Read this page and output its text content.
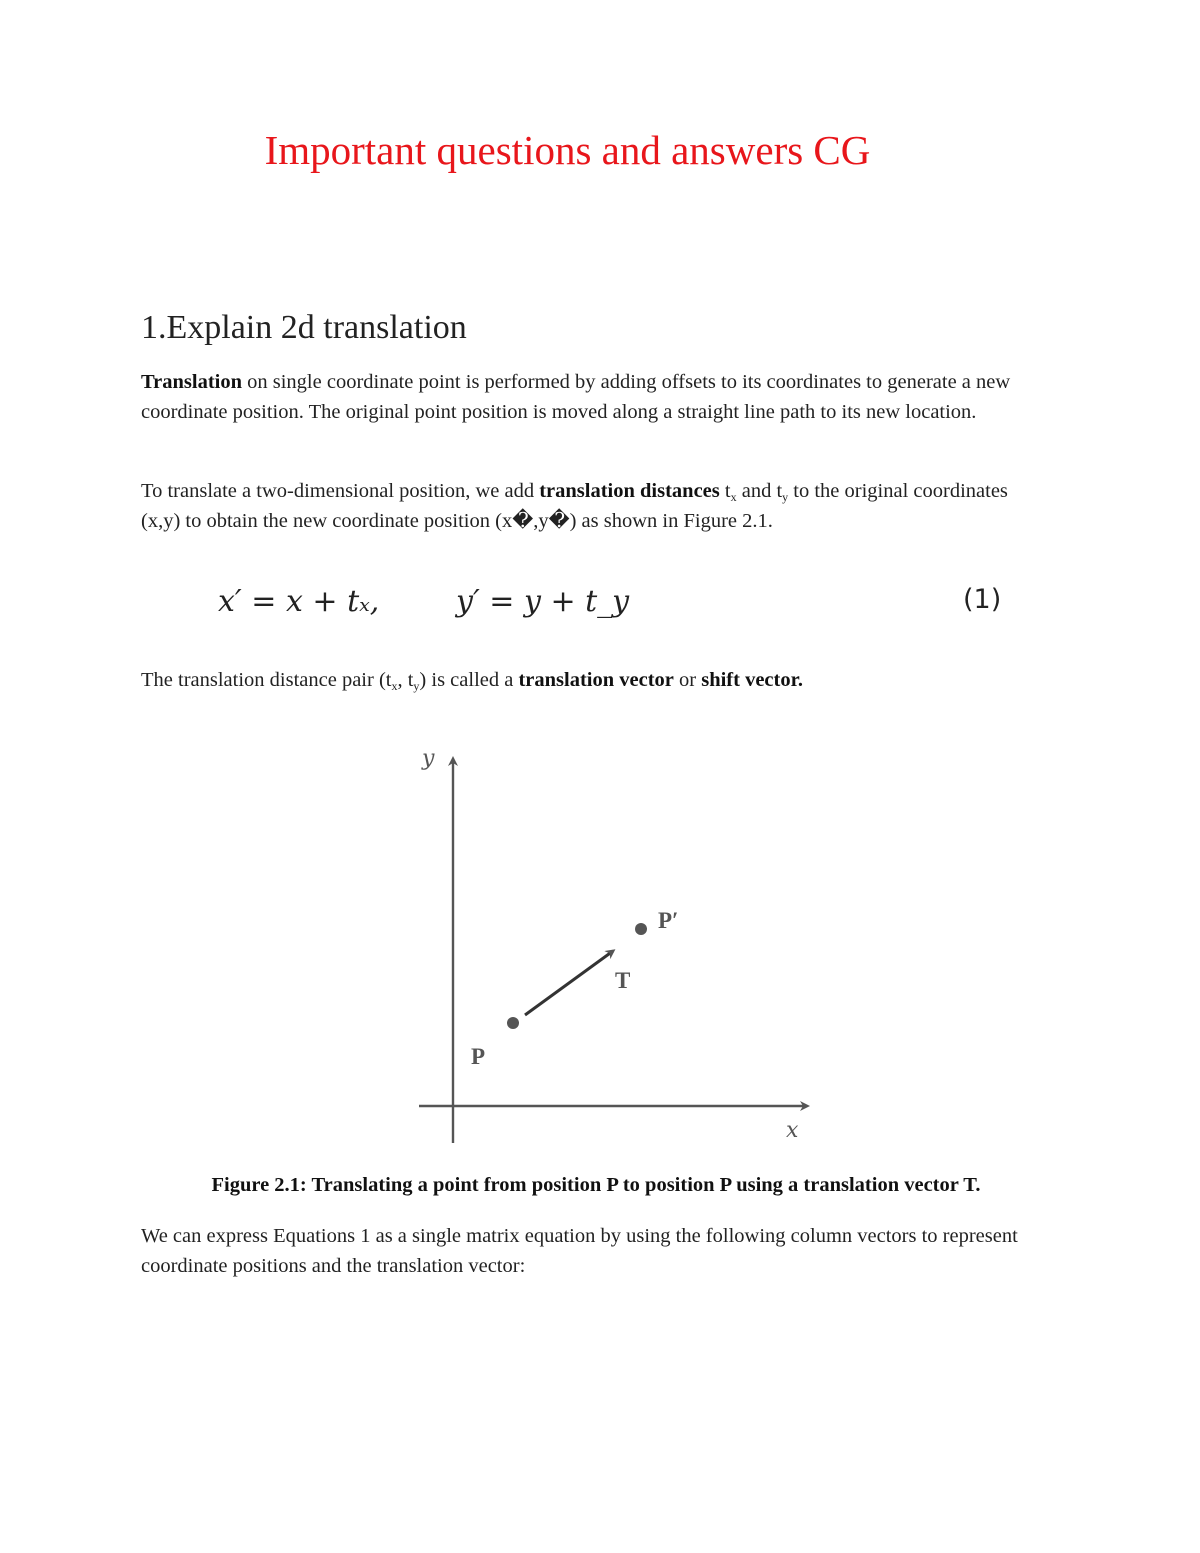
Important questions and answers CG
1.Explain 2d translation
Translation on single coordinate point is performed by adding offsets to its coordinates to generate a new coordinate position. The original point position is moved along a straight line path to its new location.
To translate a two-dimensional position, we add translation distances $t_x$ and $t_y$ to the original coordinates (x,y) to obtain the new coordinate position (x�,y�) as shown in Figure 2.1.
x′ = x + tₓ,	y′ = y + t_y	(1)
The translation distance pair ($t_x$, $t_y$) is called a translation vector or shift vector.
y
x
P
P′
T
Figure 2.1: Translating a point from position P to position P using a translation vector T.
We can express Equations 1 as a single matrix equation by using the following column vectors to represent coordinate positions and the translation vector:
